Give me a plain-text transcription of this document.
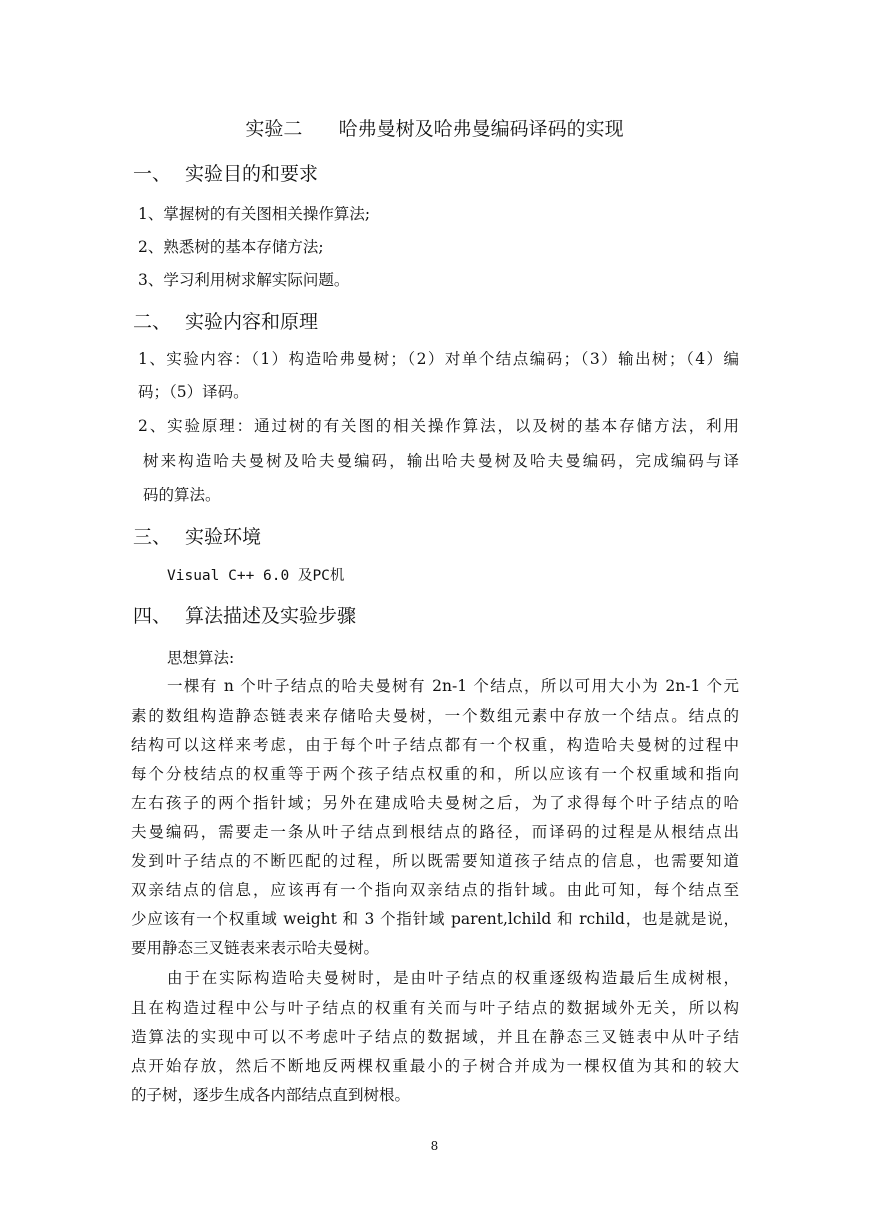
实验二      哈弗曼树及哈弗曼编码译码的实现
一、 实验目的和要求
1、掌握树的有关图相关操作算法;
2、熟悉树的基本存储方法;
3、学习利用树求解实际问题。
二、 实验内容和原理
1、实验内容：（1）构造哈弗曼树；（2）对单个结点编码；（3）输出树；（4）编
码；（5）译码。
2、实验原理：通过树的有关图的相关操作算法，以及树的基本存储方法，利用
树来构造哈夫曼树及哈夫曼编码，输出哈夫曼树及哈夫曼编码，完成编码与译
码的算法。
三、 实验环境
Visual C++ 6.0 及PC机
四、 算法描述及实验步骤
思想算法:
一棵有 n 个叶子结点的哈夫曼树有 2n-1 个结点，所以可用大小为 2n-1 个元
素的数组构造静态链表来存储哈夫曼树，一个数组元素中存放一个结点。结点的
结构可以这样来考虑，由于每个叶子结点都有一个权重，构造哈夫曼树的过程中
每个分枝结点的权重等于两个孩子结点权重的和，所以应该有一个权重域和指向
左右孩子的两个指针域；另外在建成哈夫曼树之后，为了求得每个叶子结点的哈
夫曼编码，需要走一条从叶子结点到根结点的路径，而译码的过程是从根结点出
发到叶子结点的不断匹配的过程，所以既需要知道孩子结点的信息，也需要知道
双亲结点的信息，应该再有一个指向双亲结点的指针域。由此可知，每个结点至
少应该有一个权重域 weight 和 3 个指针域 parent,lchild 和 rchild，也是就是说，
要用静态三叉链表来表示哈夫曼树。
由于在实际构造哈夫曼树时，是由叶子结点的权重逐级构造最后生成树根，
且在构造过程中公与叶子结点的权重有关而与叶子结点的数据域外无关，所以构
造算法的实现中可以不考虑叶子结点的数据域，并且在静态三叉链表中从叶子结
点开始存放，然后不断地反两棵权重最小的子树合并成为一棵权值为其和的较大
的子树，逐步生成各内部结点直到树根。
8
